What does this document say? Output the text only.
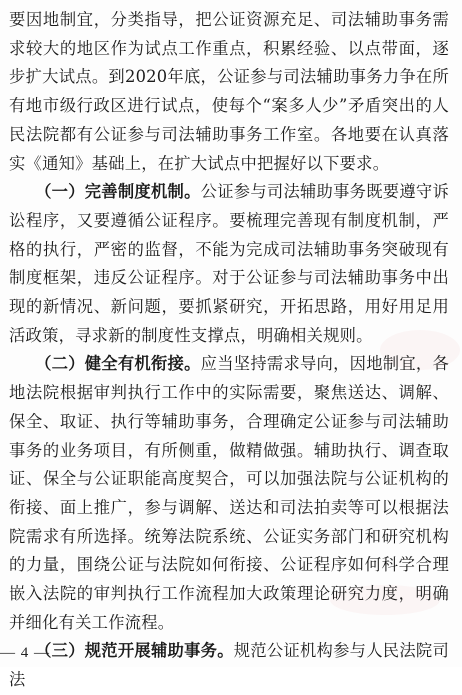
要因地制宜，分类指导，把公证资源充足、司法辅助事务需求较大的地区作为试点工作重点，积累经验、以点带面，逐步扩大试点。到2020年底，公证参与司法辅助事务力争在所有地市级行政区进行试点，使每个“案多人少”矛盾突出的人民法院都有公证参与司法辅助事务工作室。各地要在认真落实《通知》基础上，在扩大试点中把握好以下要求。

（一）完善制度机制。公证参与司法辅助事务既要遵守诉讼程序，又要遵循公证程序。要梳理完善现有制度机制，严格的执行，严密的监督，不能为完成司法辅助事务突破现有制度框架，违反公证程序。对于公证参与司法辅助事务中出现的新情况、新问题，要抓紧研究，开拓思路，用好用足用活政策，寻求新的制度性支撑点，明确相关规则。

（二）健全有机衔接。应当坚持需求导向，因地制宜，各地法院根据审判执行工作中的实际需要，聚焦送达、调解、保全、取证、执行等辅助事务，合理确定公证参与司法辅助事务的业务项目，有所侧重，做精做强。辅助执行、调查取证、保全与公证职能高度契合，可以加强法院与公证机构的衔接、面上推广，参与调解、送达和司法拍卖等可以根据法院需求有所选择。统筹法院系统、公证实务部门和研究机构的力量，围绕公证与法院如何衔接、公证程序如何科学合理嵌入法院的审判执行工作流程加大政策理论研究力度，明确并细化有关工作流程。

（三）规范开展辅助事务。规范公证机构参与人民法院司法

— 4 —
